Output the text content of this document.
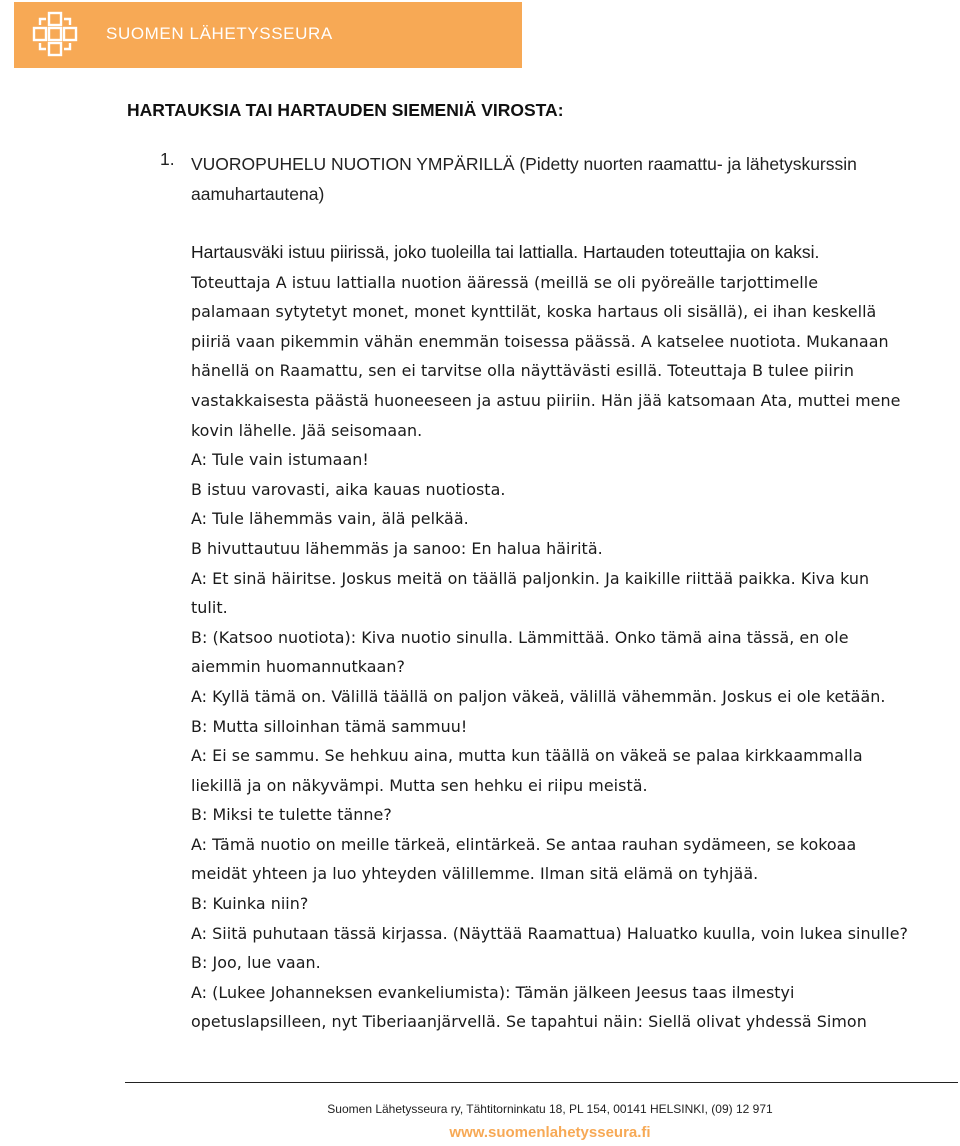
SUOMEN LÄHETYSSEURA
HARTAUKSIA TAI HARTAUDEN SIEMENIÄ VIROSTA:
1. VUOROPUHELU NUOTION YMPÄRILLÄ (Pidetty nuorten raamattu- ja lähetyskurssin aamuhartautena)
Hartausväki istuu piirissä, joko tuoleilla tai lattialla. Hartauden toteuttajia on kaksi.
Toteuttaja A istuu lattialla nuotion ääressä (meillä se oli pyöreälle tarjottimelle
palamaan sytytetyt monet, monet kynttilät, koska hartaus oli sisällä), ei ihan keskellä
piiriä vaan pikemmin vähän enemmän toisessa päässä. A katselee nuotiota. Mukanaan
hänellä on Raamattu, sen ei tarvitse olla näyttävästi esillä. Toteuttaja B tulee piirin
vastakkaisesta päästä huoneeseen ja astuu piiriin. Hän jää katsomaan Ata, muttei mene
kovin lähelle. Jää seisomaan.
A: Tule vain istumaan!
B istuu varovasti, aika kauas nuotiosta.
A: Tule lähemmäs vain, älä pelkää.
B hivuttautuu lähemmäs ja sanoo: En halua häiritä.
A: Et sinä häiritse. Joskus meitä on täällä paljonkin. Ja kaikille riittää paikka. Kiva kun
tulit.
B: (Katsoo nuotiota): Kiva nuotio sinulla. Lämmittää. Onko tämä aina tässä, en ole
aiemmin huomannutkaan?
A: Kyllä tämä on. Välillä täällä on paljon väkeä, välillä vähemmän. Joskus ei ole ketään.
B: Mutta silloinhan tämä sammuu!
A: Ei se sammu. Se hehkuu aina, mutta kun täällä on väkeä se palaa kirkkaammalla
liekillä ja on näkyvämpi. Mutta sen hehku ei riipu meistä.
B: Miksi te tulette tänne?
A: Tämä nuotio on meille tärkeä, elintärkeä. Se antaa rauhan sydämeen, se kokoaa
meidät yhteen ja luo yhteyden välillemme. Ilman sitä elämä on tyhjää.
B: Kuinka niin?
A: Siitä puhutaan tässä kirjassa. (Näyttää Raamattua) Haluatko kuulla, voin lukea sinulle?
B: Joo, lue vaan.
A: (Lukee Johanneksen evankeliumista): Tämän jälkeen Jeesus taas ilmestyi
opetuslapsilleen, nyt Tiberiaanjärvellä. Se tapahtui näin: Siellä olivat yhdessä Simon
Suomen Lähetysseura ry, Tähtitorninkatu 18, PL 154, 00141 HELSINKI, (09) 12 971
www.suomenlahetysseura.fi
